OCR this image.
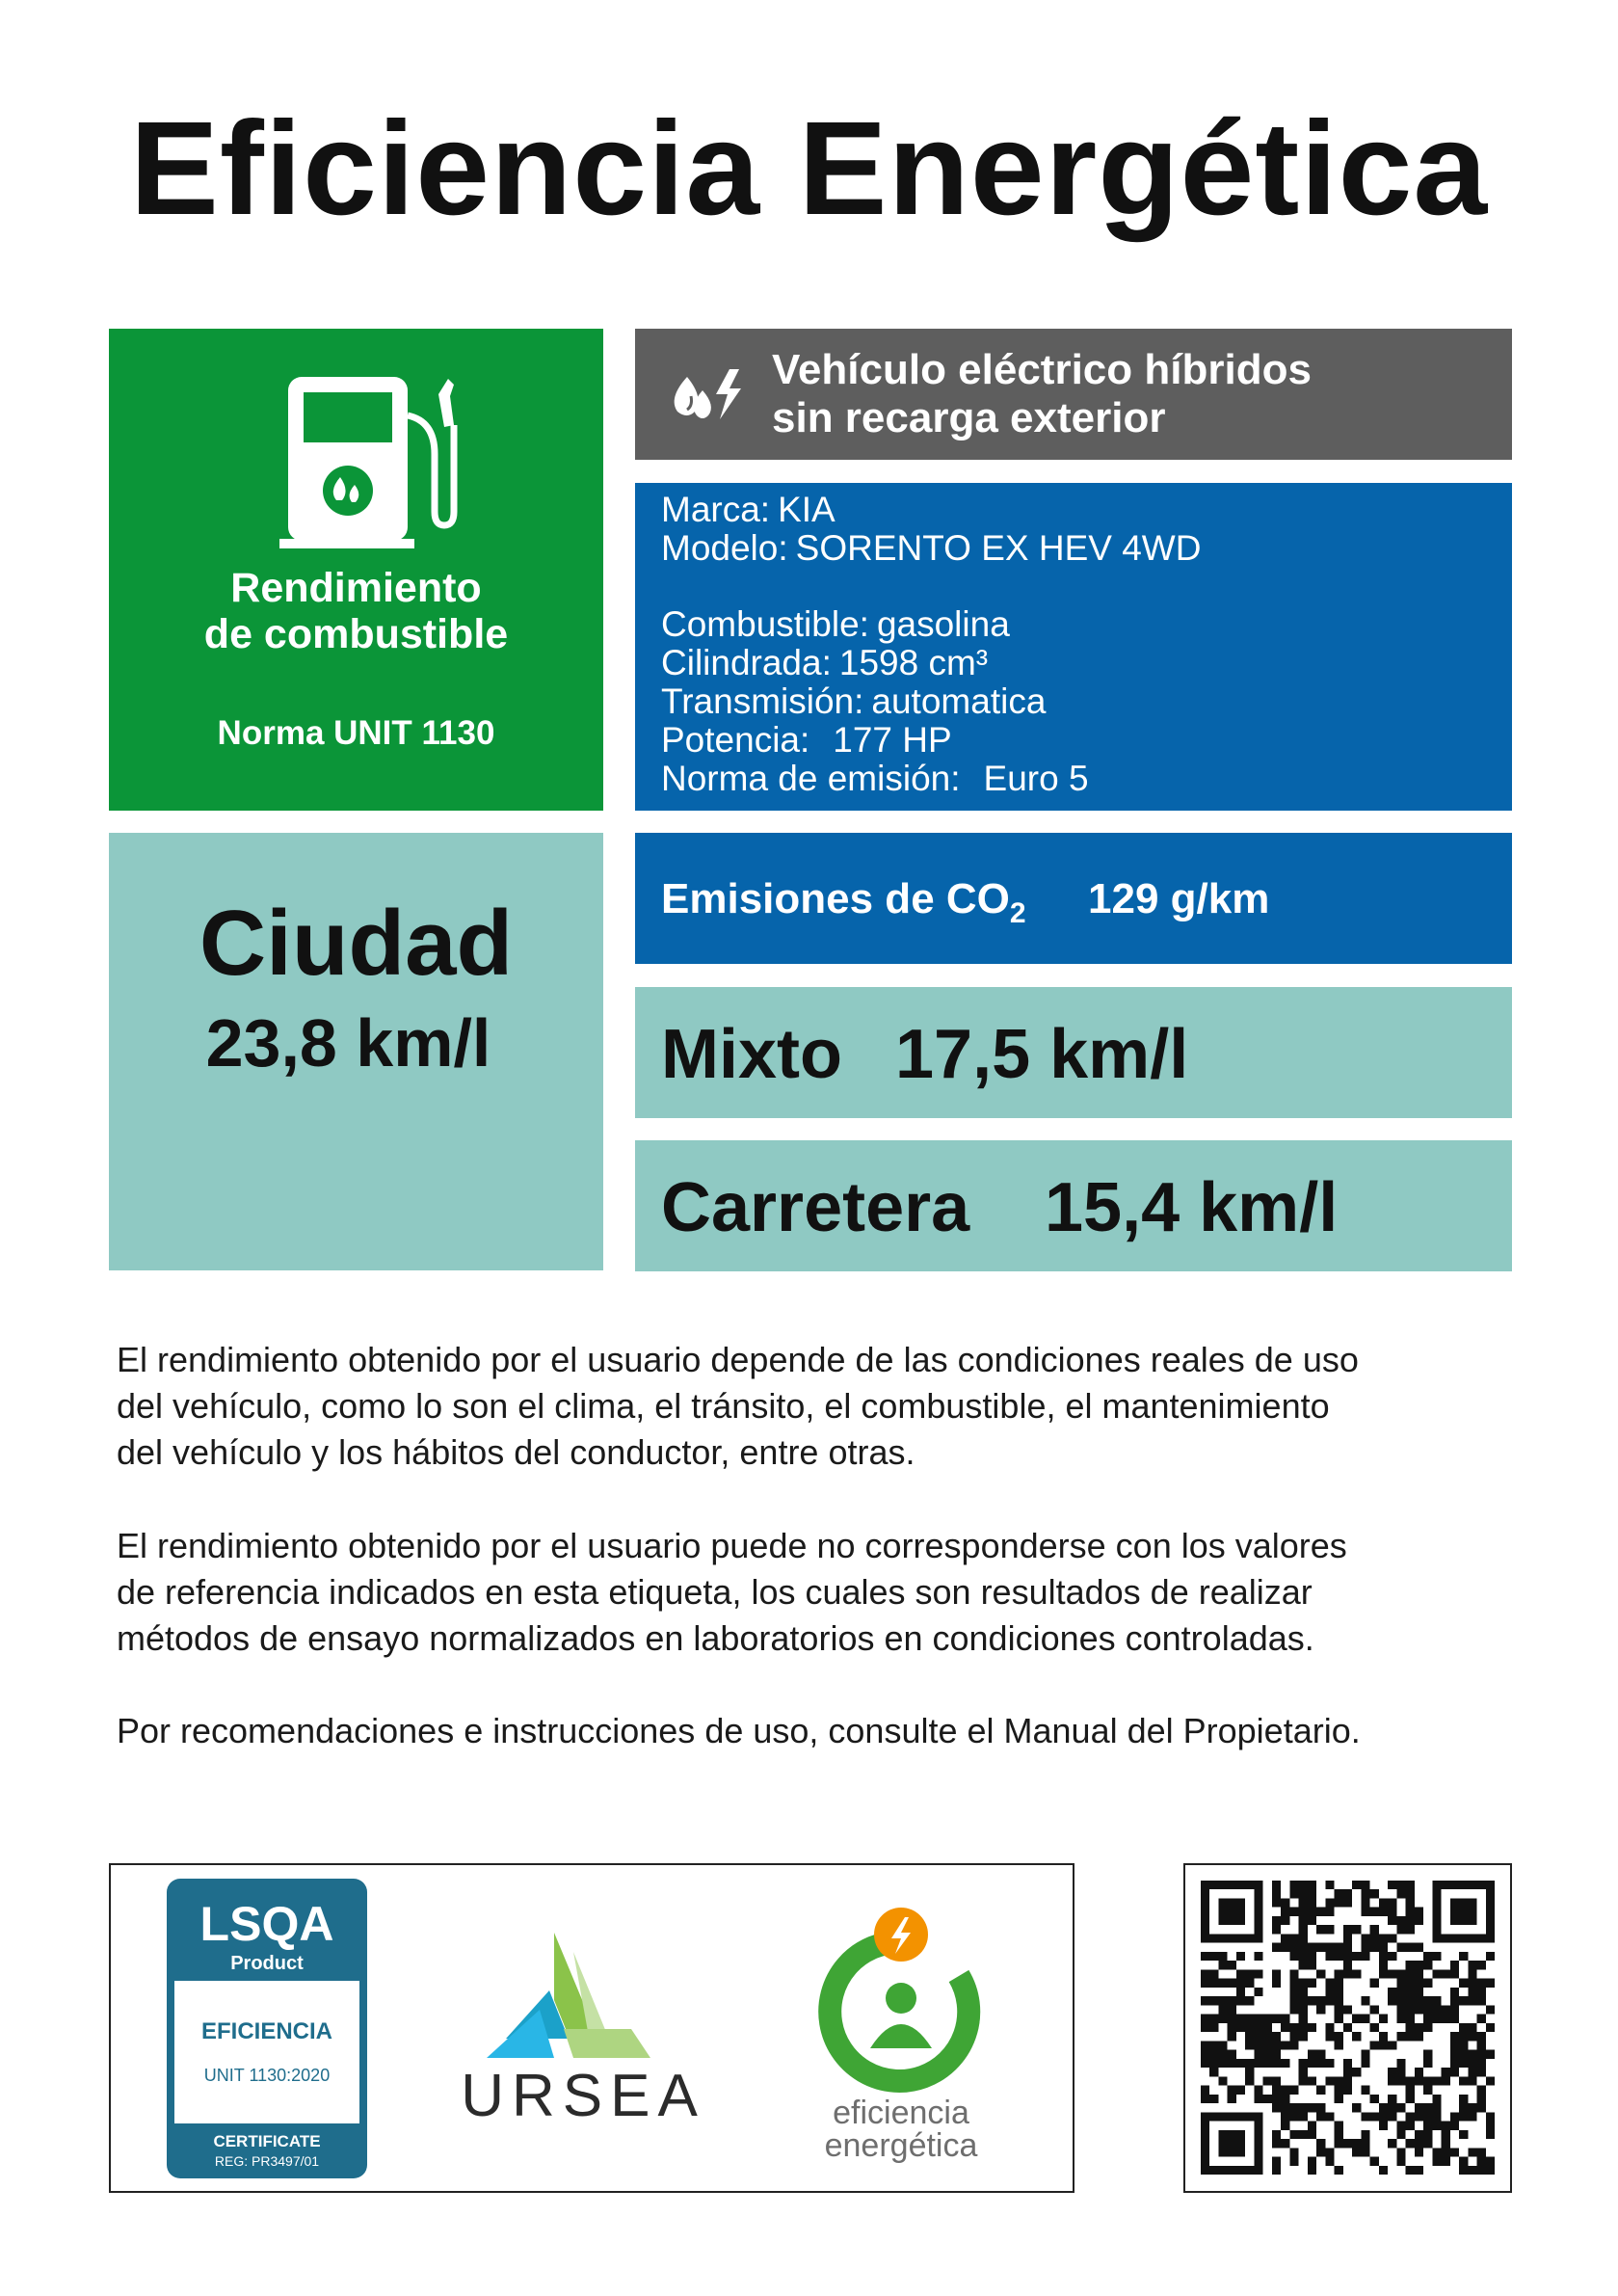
Eficiencia Energética
Rendimiento
de combustible
Norma UNIT 1130
Vehículo eléctrico híbridos
sin recarga exterior
Marca: KIA
Modelo: SORENTO EX HEV 4WD
Combustible: gasolina
Cilindrada: 1598 cm³
Transmisión: automatica
Potencia: 177 HP
Norma de emisión: Euro 5
Ciudad
23,8 km/l
Emisiones de $CO_2$ 129 g/km
Mixto 17,5 km/l
Carretera 15,4 km/l
El rendimiento obtenido por el usuario depende de las condiciones reales de uso
del vehículo, como lo son el clima, el tránsito, el combustible, el mantenimiento
del vehículo y los hábitos del conductor, entre otras.
El rendimiento obtenido por el usuario puede no corresponderse con los valores
de referencia indicados en esta etiqueta, los cuales son resultados de realizar
métodos de ensayo normalizados en laboratorios en condiciones controladas.
Por recomendaciones e instrucciones de uso, consulte el Manual del Propietario.
LSQA
Product
EFICIENCIA
UNIT 1130:2020
CERTIFICATE
REG: PR3497/01
URSEA	eficiencia
energética
